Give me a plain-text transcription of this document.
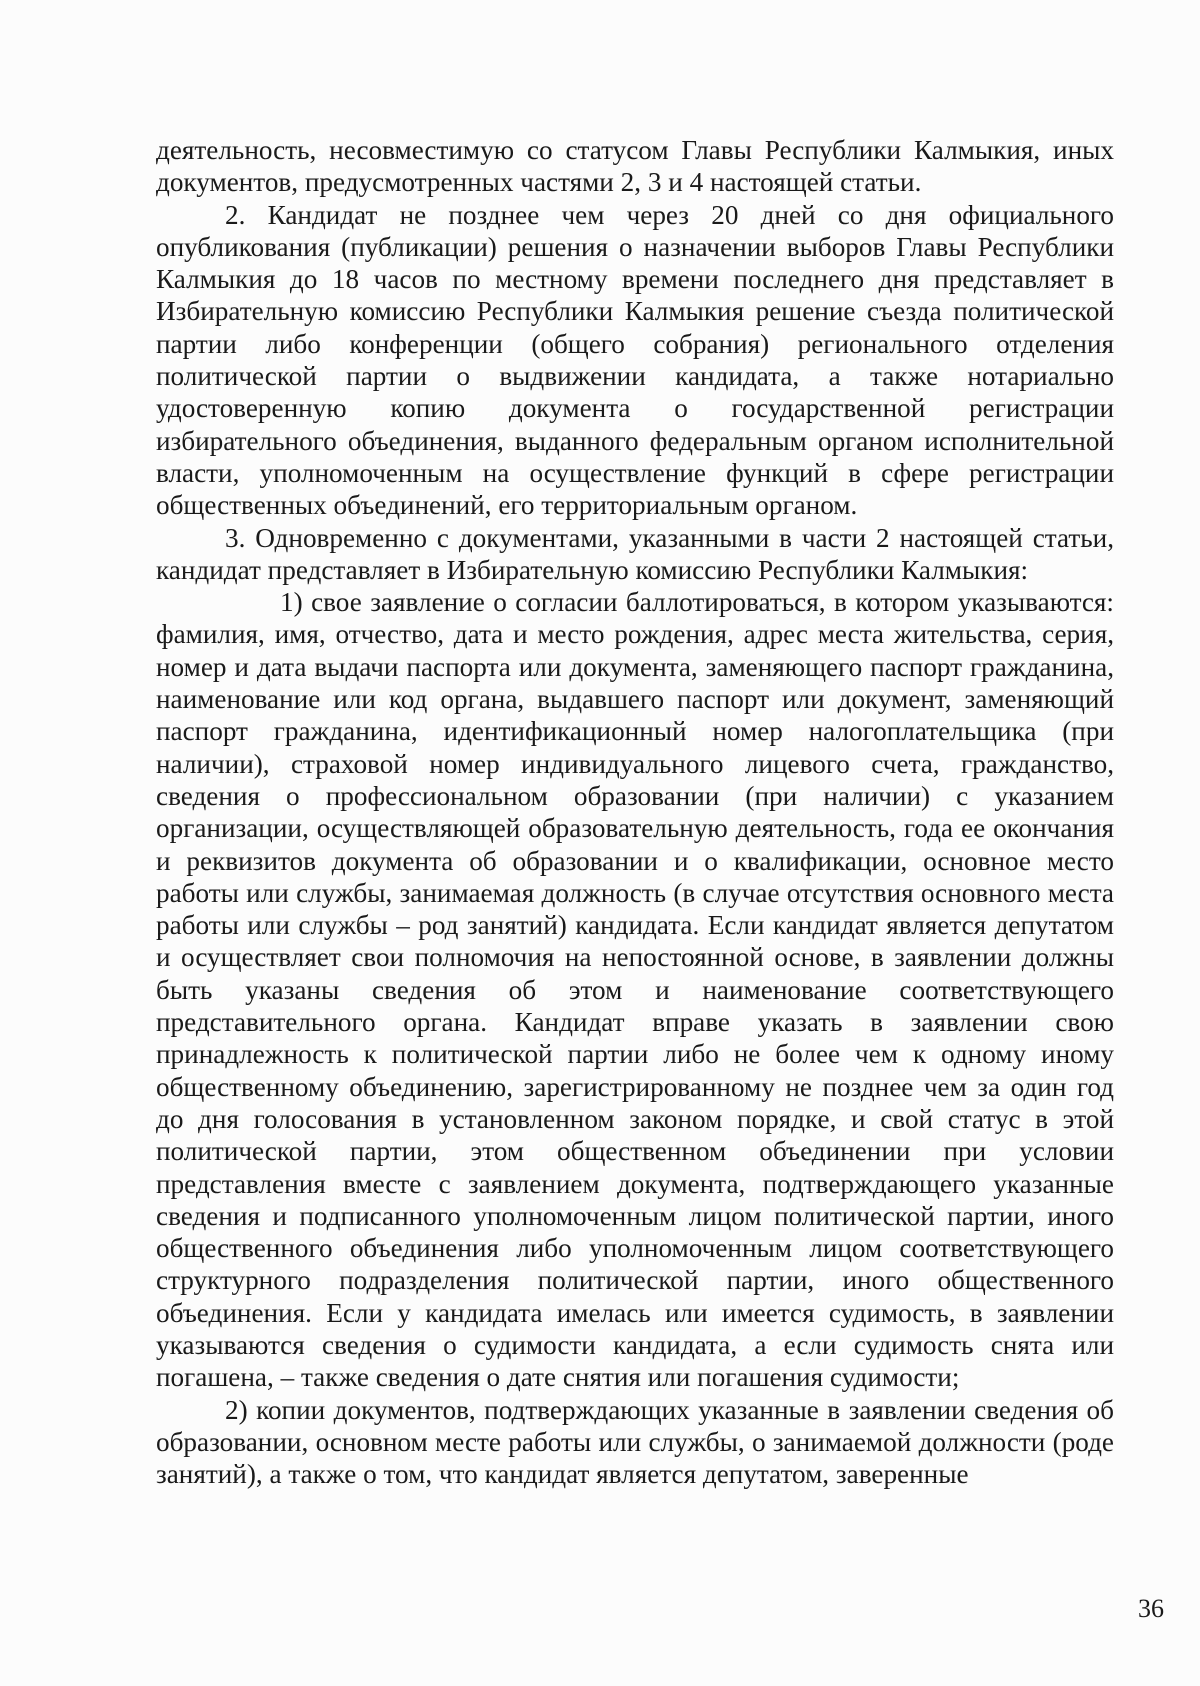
деятельность, несовместимую со статусом Главы Республики Калмыкия, иных документов, предусмотренных частями 2, 3 и 4 настоящей статьи.

2. Кандидат не позднее чем через 20 дней со дня официального опубликования (публикации) решения о назначении выборов Главы Республики Калмыкия до 18 часов по местному времени последнего дня представляет в Избирательную комиссию Республики Калмыкия решение съезда политической партии либо конференции (общего собрания) регионального отделения политической партии о выдвижении кандидата, а также нотариально удостоверенную копию документа о государственной регистрации избирательного объединения, выданного федеральным органом исполнительной власти, уполномоченным на осуществление функций в сфере регистрации общественных объединений, его территориальным органом.

3. Одновременно с документами, указанными в части 2 настоящей статьи, кандидат представляет в Избирательную комиссию Республики Калмыкия:

1) свое заявление о согласии баллотироваться, в котором указываются: фамилия, имя, отчество, дата и место рождения, адрес места жительства, серия, номер и дата выдачи паспорта или документа, заменяющего паспорт гражданина, наименование или код органа, выдавшего паспорт или документ, заменяющий паспорт гражданина, идентификационный номер налогоплательщика (при наличии), страховой номер индивидуального лицевого счета, гражданство, сведения о профессиональном образовании (при наличии) с указанием организации, осуществляющей образовательную деятельность, года ее окончания и реквизитов документа об образовании и о квалификации, основное место работы или службы, занимаемая должность (в случае отсутствия основного места работы или службы – род занятий) кандидата. Если кандидат является депутатом и осуществляет свои полномочия на непостоянной основе, в заявлении должны быть указаны сведения об этом и наименование соответствующего представительного органа. Кандидат вправе указать в заявлении свою принадлежность к политической партии либо не более чем к одному иному общественному объединению, зарегистрированному не позднее чем за один год до дня голосования в установленном законом порядке, и свой статус в этой политической партии, этом общественном объединении при условии представления вместе с заявлением документа, подтверждающего указанные сведения и подписанного уполномоченным лицом политической партии, иного общественного объединения либо уполномоченным лицом соответствующего структурного подразделения политической партии, иного общественного объединения. Если у кандидата имелась или имеется судимость, в заявлении указываются сведения о судимости кандидата, а если судимость снята или погашена, – также сведения о дате снятия или погашения судимости;

2) копии документов, подтверждающих указанные в заявлении сведения об образовании, основном месте работы или службы, о занимаемой должности (роде занятий), а также о том, что кандидат является депутатом, заверенные

36
